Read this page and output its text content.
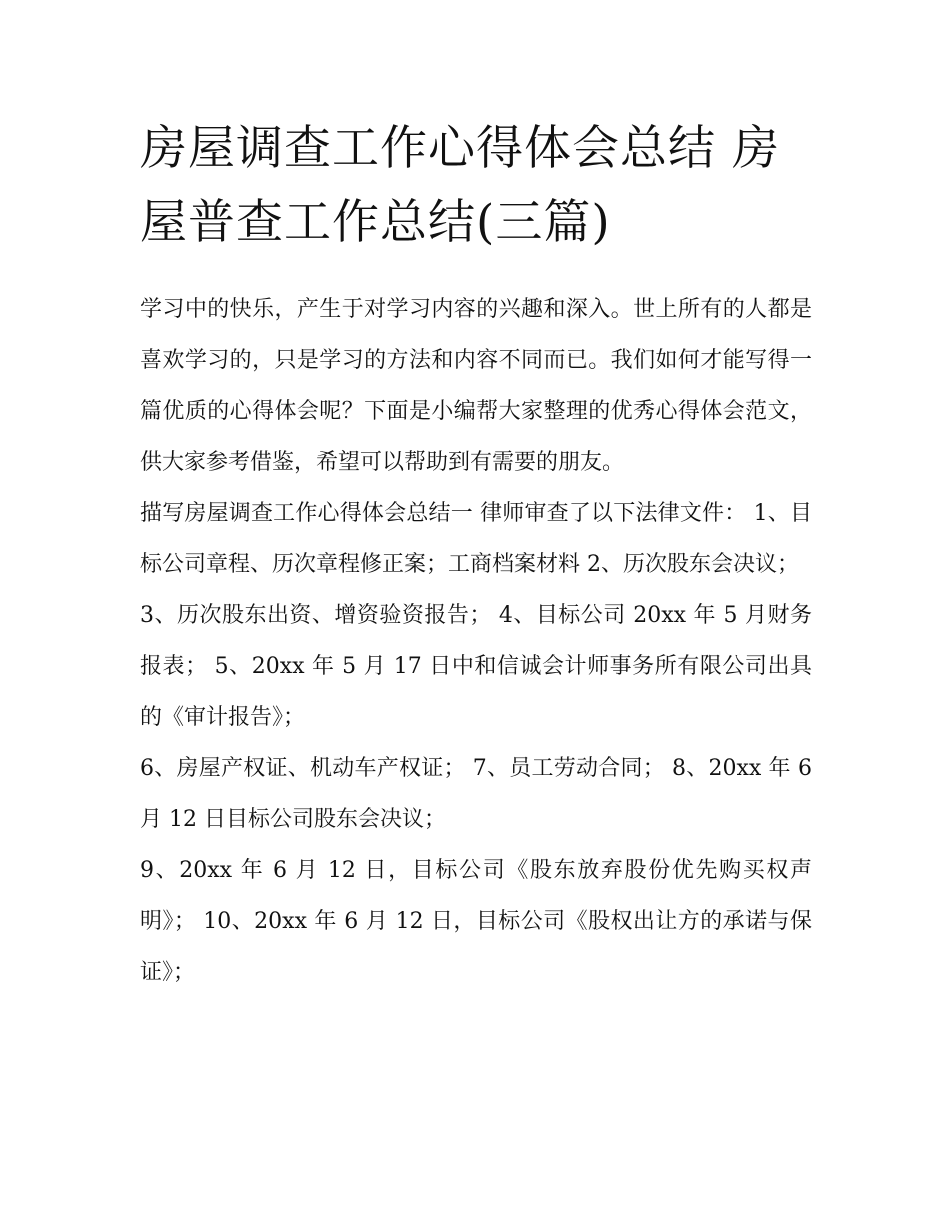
房屋调查工作心得体会总结 房屋普查工作总结(三篇)

学习中的快乐，产生于对学习内容的兴趣和深入。世上所有的人都是喜欢学习的，只是学习的方法和内容不同而已。我们如何才能写得一篇优质的心得体会呢？下面是小编帮大家整理的优秀心得体会范文，供大家参考借鉴，希望可以帮助到有需要的朋友。

描写房屋调查工作心得体会总结一 律师审查了以下法律文件： 1、目标公司章程、历次章程修正案；工商档案材料 2、历次股东会决议；

3、历次股东出资、增资验资报告； 4、目标公司 20xx 年 5 月财务报表； 5、20xx 年 5 月 17 日中和信诚会计师事务所有限公司出具的《审计报告》；

6、房屋产权证、机动车产权证； 7、员工劳动合同； 8、20xx 年 6 月 12 日目标公司股东会决议；

9、20xx 年 6 月 12 日，目标公司《股东放弃股份优先购买权声明》； 10、20xx 年 6 月 12 日，目标公司《股权出让方的承诺与保证》；
